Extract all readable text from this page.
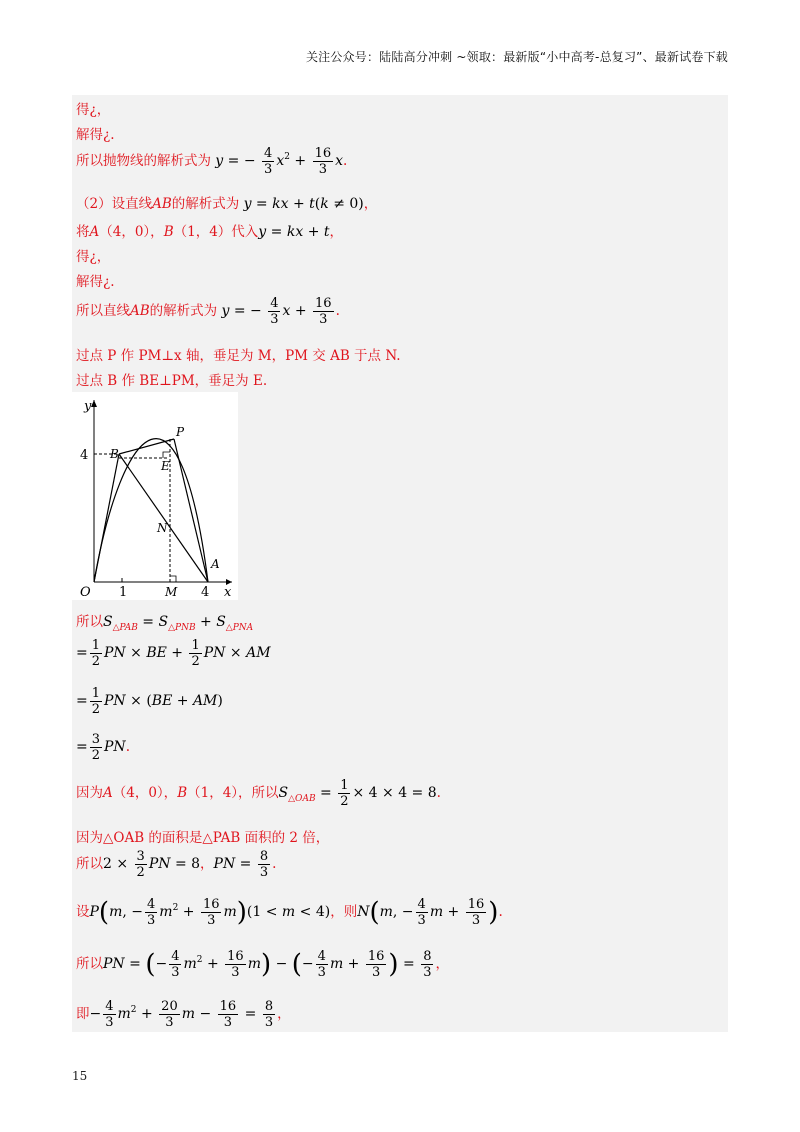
关注公众号：陆陆高分冲刺 ~领取：最新版“小中高考-总复习”、最新试卷下载
得¿，
解得¿.
所以抛物线的解析式为 y = − $\frac{4}{3} x^2 + \frac{16}{3} x$.
（2）设直线AB的解析式为 y = kx + t(k ≠ 0)，
将A（4，0），B（1，4）代入y = kx + t，
得¿，
解得¿.
所以直线AB的解析式为 y = − $\frac{4}{3}$ $x + \frac{16}{3}$ .
过点 P 作 PM⊥x 轴，垂足为 M，PM 交 AB 于点 N.
过点 B 作 BE⊥PM，垂足为 E.
y
x
O
4
1	4
B
P
E
N
A
M
所以$S_{\triangle PAB} = S_{\triangle PNB} + S_{\triangle PNA}$
= $\frac{1}{2}$ PN × BE + $\frac{1}{2}$ PN × AM
= $\frac{1}{2}$ PN × (BE + AM)
= $\frac{3}{2}$ PN.
因为A（4，0），B（1，4），所以$S_{\triangle OAB} = \frac{1}{2} \times 4 \times 4 = 8$.
因为△OAB 的面积是△PAB 面积的 2 倍，
所以$2 \times \frac{3}{2}$ PN = 8，PN = $\frac{8}{3}$ .
设P(m, − $\frac{4}{3} m^2 + \frac{16}{3} m)(1 < m < 4)$，则N(m, − $\frac{4}{3}$ $m + \frac{16}{3}$ ).
所以PN = (− $\frac{4}{3} m^2 + \frac{16}{3} m$) − (− $\frac{4}{3}$ $m + \frac{16}{3}$ ) = $\frac{8}{3}$ ，
即− $\frac{4}{3} m^2 + \frac{20}{3}$ $m - \frac{16}{3} = \frac{8}{3}$ ，
15
